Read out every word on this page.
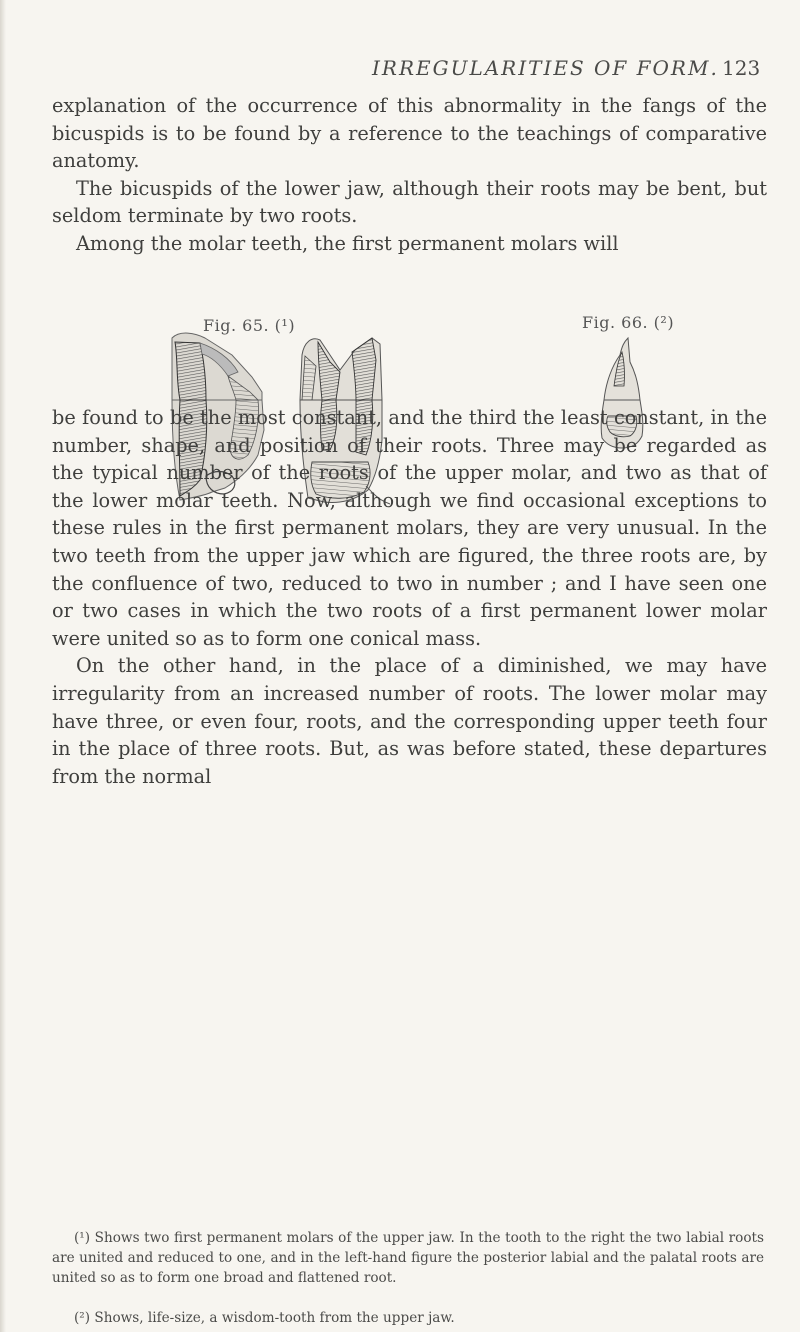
IRREGULARITIES OF FORM. 123
explanation of the occurrence of this abnormality in the fangs of the bicuspids is to be found by a reference to the teachings of comparative anatomy.
The bicuspids of the lower jaw, although their roots may be bent, but seldom terminate by two roots.
Among the molar teeth, the first permanent molars will
Fig. 65. (¹)	Fig. 66. (²)
be found to be the most constant, and the third the least constant, in the number, shape, and position of their roots. Three may be regarded as the typical number of the roots of the upper molar, and two as that of the lower molar teeth. Now, although we find occasional exceptions to these rules in the first permanent molars, they are very unusual. In the two teeth from the upper jaw which are figured, the three roots are, by the confluence of two, reduced to two in number ; and I have seen one or two cases in which the two roots of a first permanent lower molar were united so as to form one conical mass.
On the other hand, in the place of a diminished, we may have irregularity from an increased number of roots. The lower molar may have three, or even four, roots, and the corresponding upper teeth four in the place of three roots. But, as was before stated, these departures from the normal
(¹) Shows two first permanent molars of the upper jaw. In the tooth to the right the two labial roots are united and reduced to one, and in the left-hand figure the posterior labial and the palatal roots are united so as to form one broad and flattened root.
(²) Shows, life-size, a wisdom-tooth from the upper jaw.
